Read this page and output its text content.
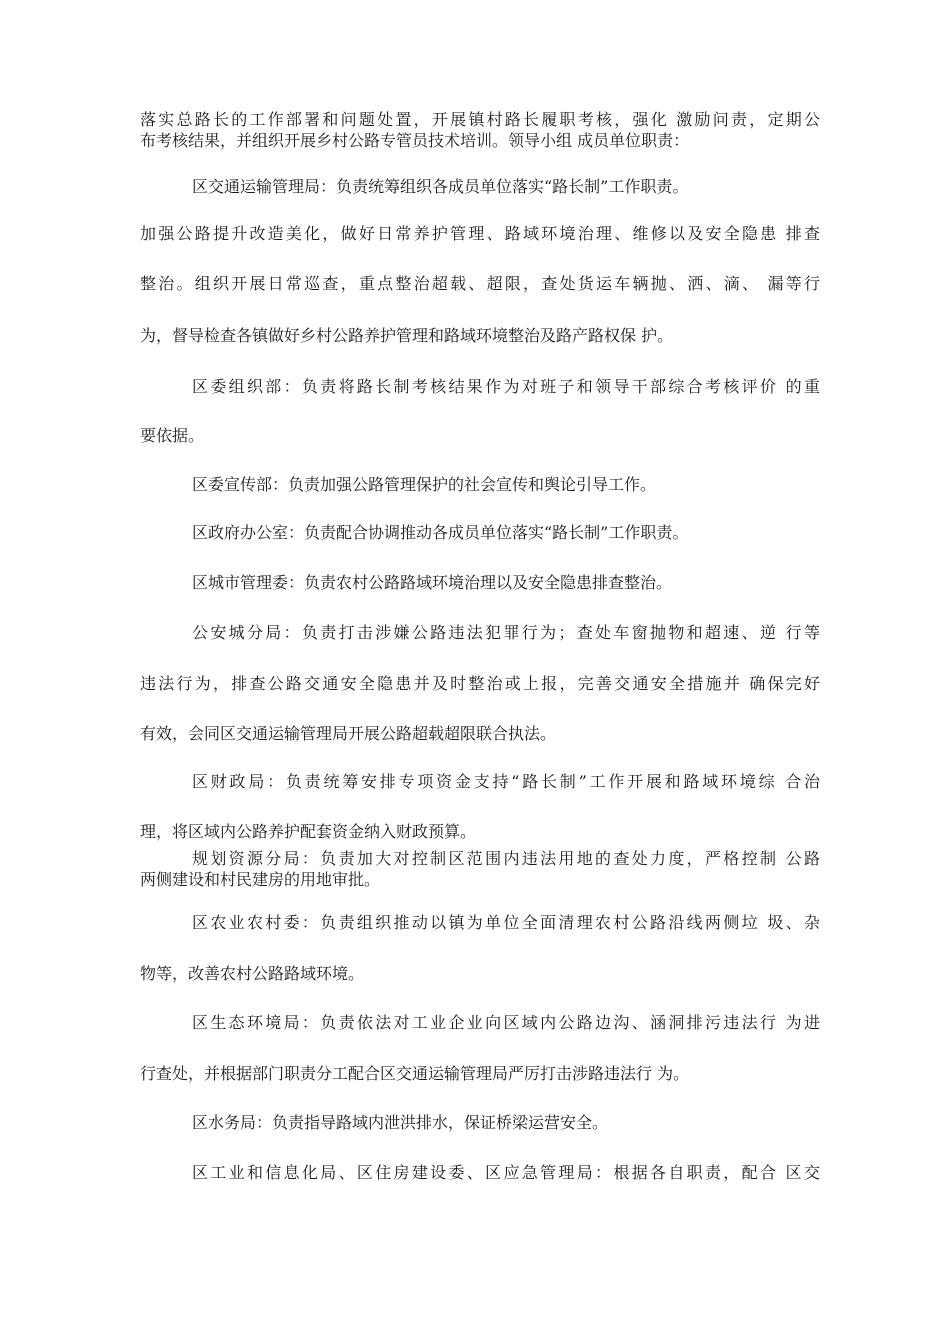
落实总路长的工作部署和问题处置，开展镇村路长履职考核，强化 激励问责，定期公
布考核结果，并组织开展乡村公路专管员技术培训。领导小组 成员单位职责：
区交通运输管理局：负责统筹组织各成员单位落实“路长制”工作职责。
加强公路提升改造美化，做好日常养护管理、路域环境治理、维修以及安全隐患 排查
整治。组织开展日常巡查，重点整治超载、超限，查处货运车辆抛、洒、滴、 漏等行
为，督导检查各镇做好乡村公路养护管理和路域环境整治及路产路权保 护。
区委组织部：负责将路长制考核结果作为对班子和领导干部综合考核评价 的重
要依据。
区委宣传部：负责加强公路管理保护的社会宣传和舆论引导工作。
区政府办公室：负责配合协调推动各成员单位落实“路长制”工作职责。
区城市管理委：负责农村公路路域环境治理以及安全隐患排查整治。
公安城分局：负责打击涉嫌公路违法犯罪行为；查处车窗抛物和超速、逆 行等
违法行为，排查公路交通安全隐患并及时整治或上报，完善交通安全措施并 确保完好
有效，会同区交通运输管理局开展公路超载超限联合执法。
区财政局：负责统筹安排专项资金支持“路长制”工作开展和路域环境综 合治
理，将区域内公路养护配套资金纳入财政预算。
规划资源分局：负责加大对控制区范围内违法用地的查处力度，严格控制 公路
两侧建设和村民建房的用地审批。
区农业农村委：负责组织推动以镇为单位全面清理农村公路沿线两侧垃 圾、杂
物等，改善农村公路路域环境。
区生态环境局：负责依法对工业企业向区域内公路边沟、涵洞排污违法行 为进
行查处，并根据部门职责分工配合区交通运输管理局严厉打击涉路违法行 为。
区水务局：负责指导路域内泄洪排水，保证桥梁运营安全。
区工业和信息化局、区住房建设委、区应急管理局：根据各自职责，配合 区交
